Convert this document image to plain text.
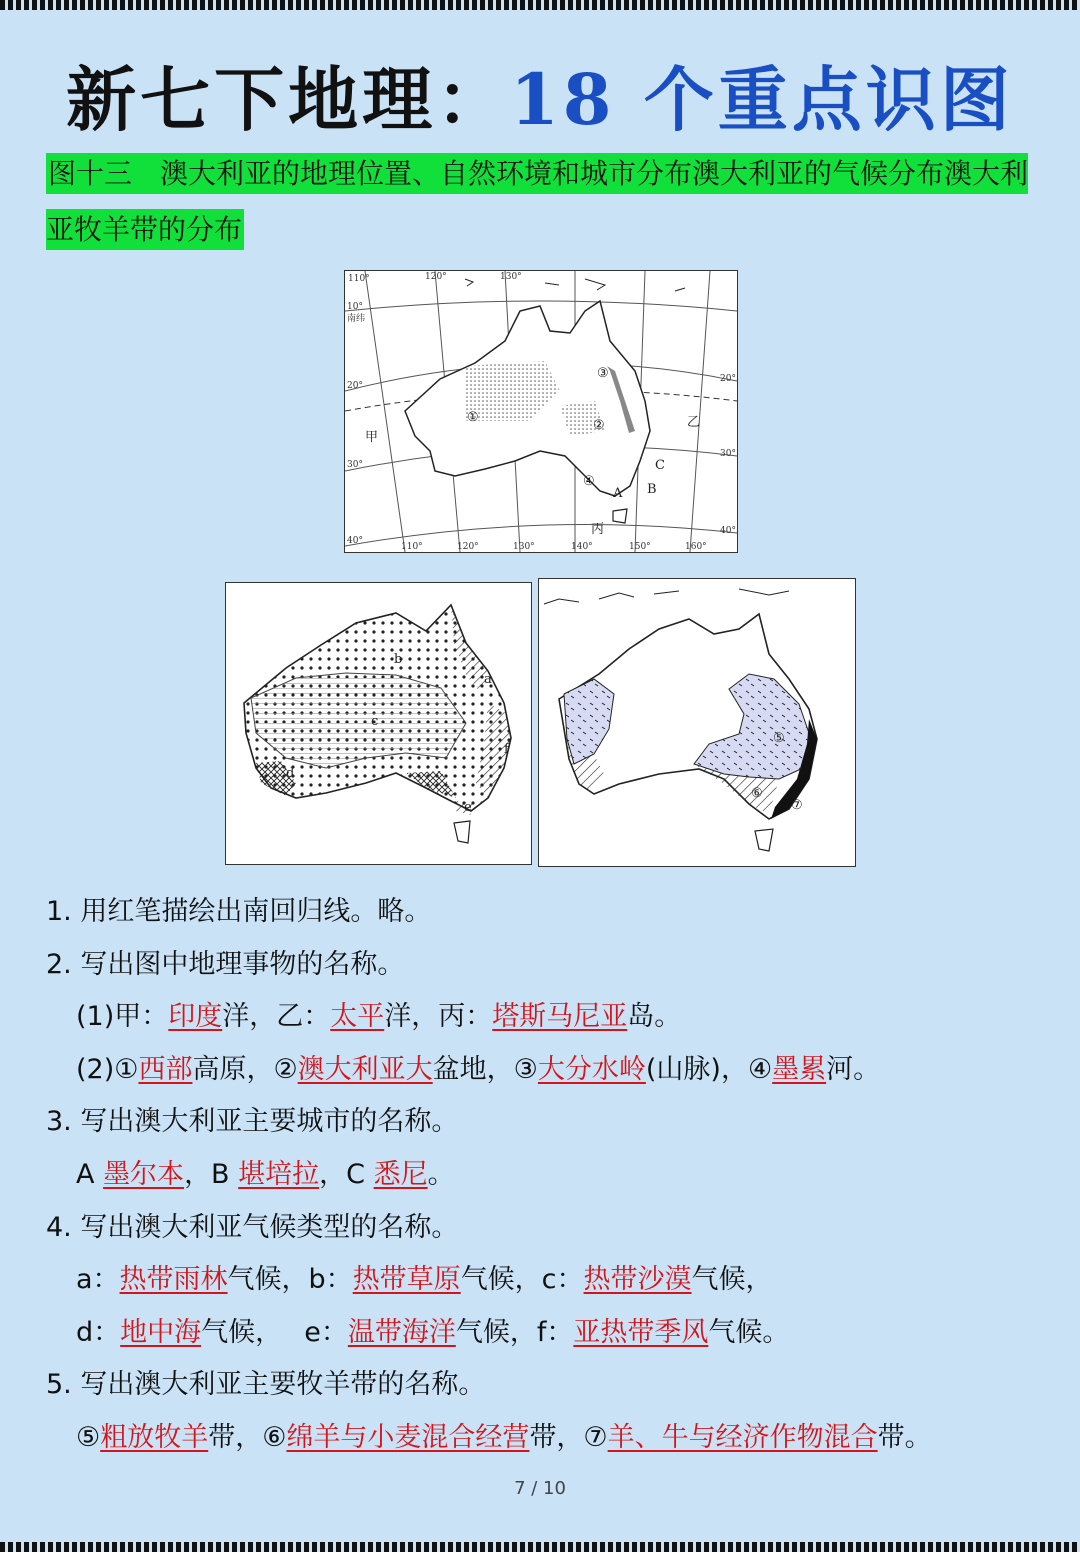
新七下地理：18 个重点识图
图十三　澳大利亚的地理位置、自然环境和城市分布澳大利亚的气候分布澳大利亚牧羊带的分布
110°	120°	130°
110°	120°	130°	140°	150°	160°
10°
20°
30°
40°
20°
30°
40°
南纬
①
②
③
④
A B
C
甲
乙
丙
a
b
c
d
e
f
⑤
⑥
⑦
1. 用红笔描绘出南回归线。略。
2. 写出图中地理事物的名称。
(1)甲：印度洋，乙：太平洋，丙：塔斯马尼亚岛。
(2)①西部高原，②澳大利亚大盆地，③大分水岭(山脉)，④墨累河。
3. 写出澳大利亚主要城市的名称。
A 墨尔本，B 堪培拉，C 悉尼。
4. 写出澳大利亚气候类型的名称。
a：热带雨林气候，b：热带草原气候，c：热带沙漠气候，
d：地中海气候，　 e：温带海洋气候，f：亚热带季风气候。
5. 写出澳大利亚主要牧羊带的名称。
⑤粗放牧羊带，⑥绵羊与小麦混合经营带，⑦羊、牛与经济作物混合带。
7 / 10
